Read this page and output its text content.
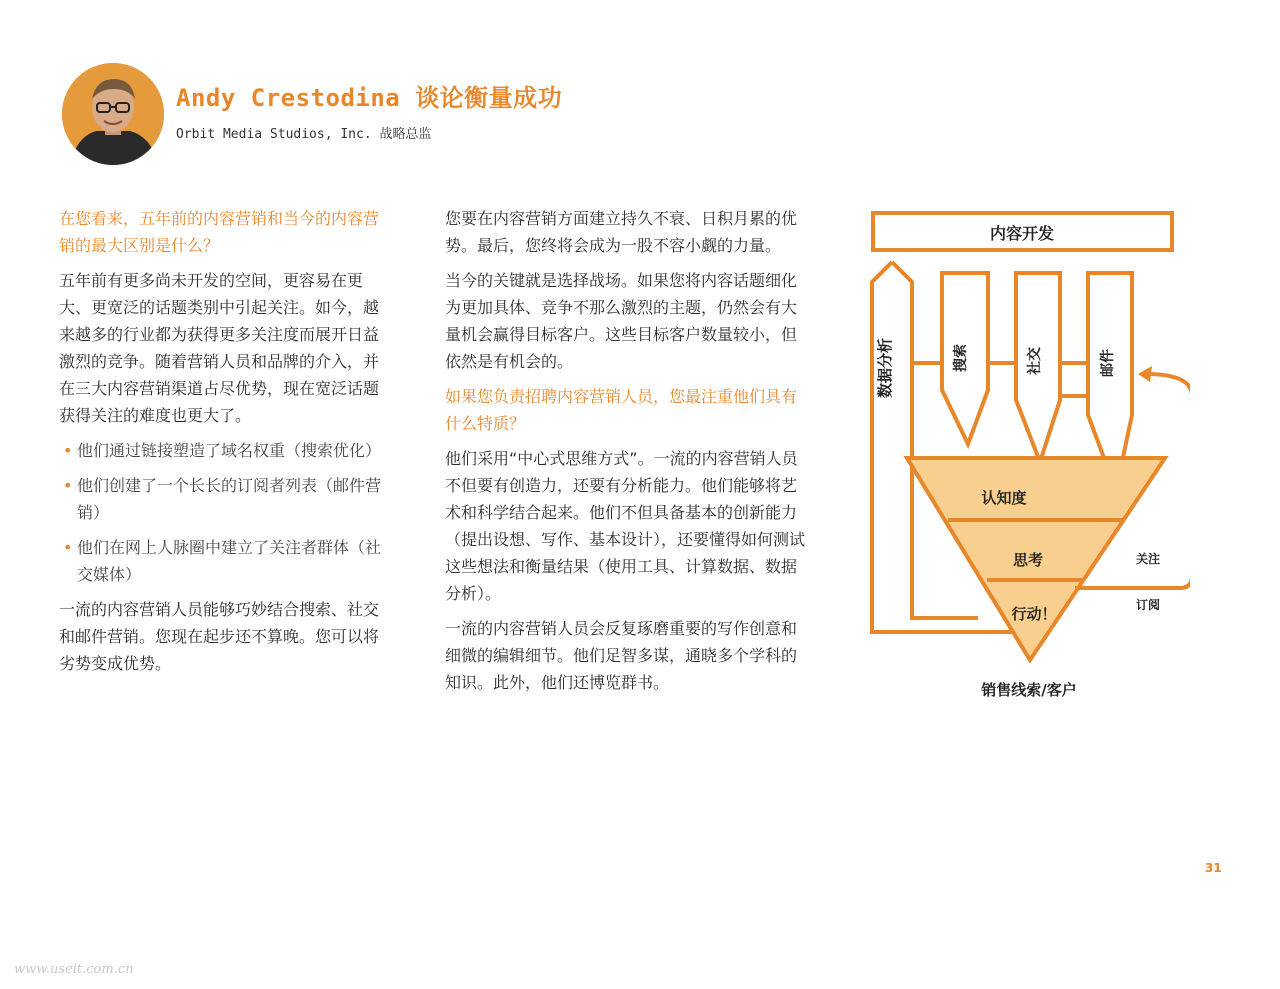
Andy Crestodina 谈论衡量成功

Orbit Media Studios, Inc. 战略总监

在您看来，五年前的内容营销和当今的内容营销的最大区别是什么？

五年前有更多尚未开发的空间，更容易在更大、更宽泛的话题类别中引起关注。如今，越来越多的行业都为获得更多关注度而展开日益激烈的竞争。随着营销人员和品牌的介入，并在三大内容营销渠道占尽优势，现在宽泛话题获得关注的难度也更大了。

• 他们通过链接塑造了域名权重（搜索优化）
• 他们创建了一个长长的订阅者列表（邮件营销）
• 他们在网上人脉圈中建立了关注者群体（社交媒体）

一流的内容营销人员能够巧妙结合搜索、社交和邮件营销。您现在起步还不算晚。您可以将劣势变成优势。

您要在内容营销方面建立持久不衰、日积月累的优势。最后，您终将会成为一股不容小觑的力量。

当今的关键就是选择战场。如果您将内容话题细化为更加具体、竞争不那么激烈的主题，仍然会有大量机会赢得目标客户。这些目标客户数量较小，但依然是有机会的。

如果您负责招聘内容营销人员，您最注重他们具有什么特质？

他们采用“中心式思维方式”。一流的内容营销人员不但要有创造力，还要有分析能力。他们能够将艺术和科学结合起来。他们不但具备基本的创新能力（提出设想、写作、基本设计），还要懂得如何测试这些想法和衡量结果（使用工具、计算数据、数据分析）。

一流的内容营销人员会反复琢磨重要的写作创意和细微的编辑细节。他们足智多谋，通晓多个学科的知识。此外，他们还博览群书。

内容开发
数据分析	搜索	社交	邮件
认知度
思考
行动！
关注
订阅
销售线索/客户
31
www.useit.com.cn
